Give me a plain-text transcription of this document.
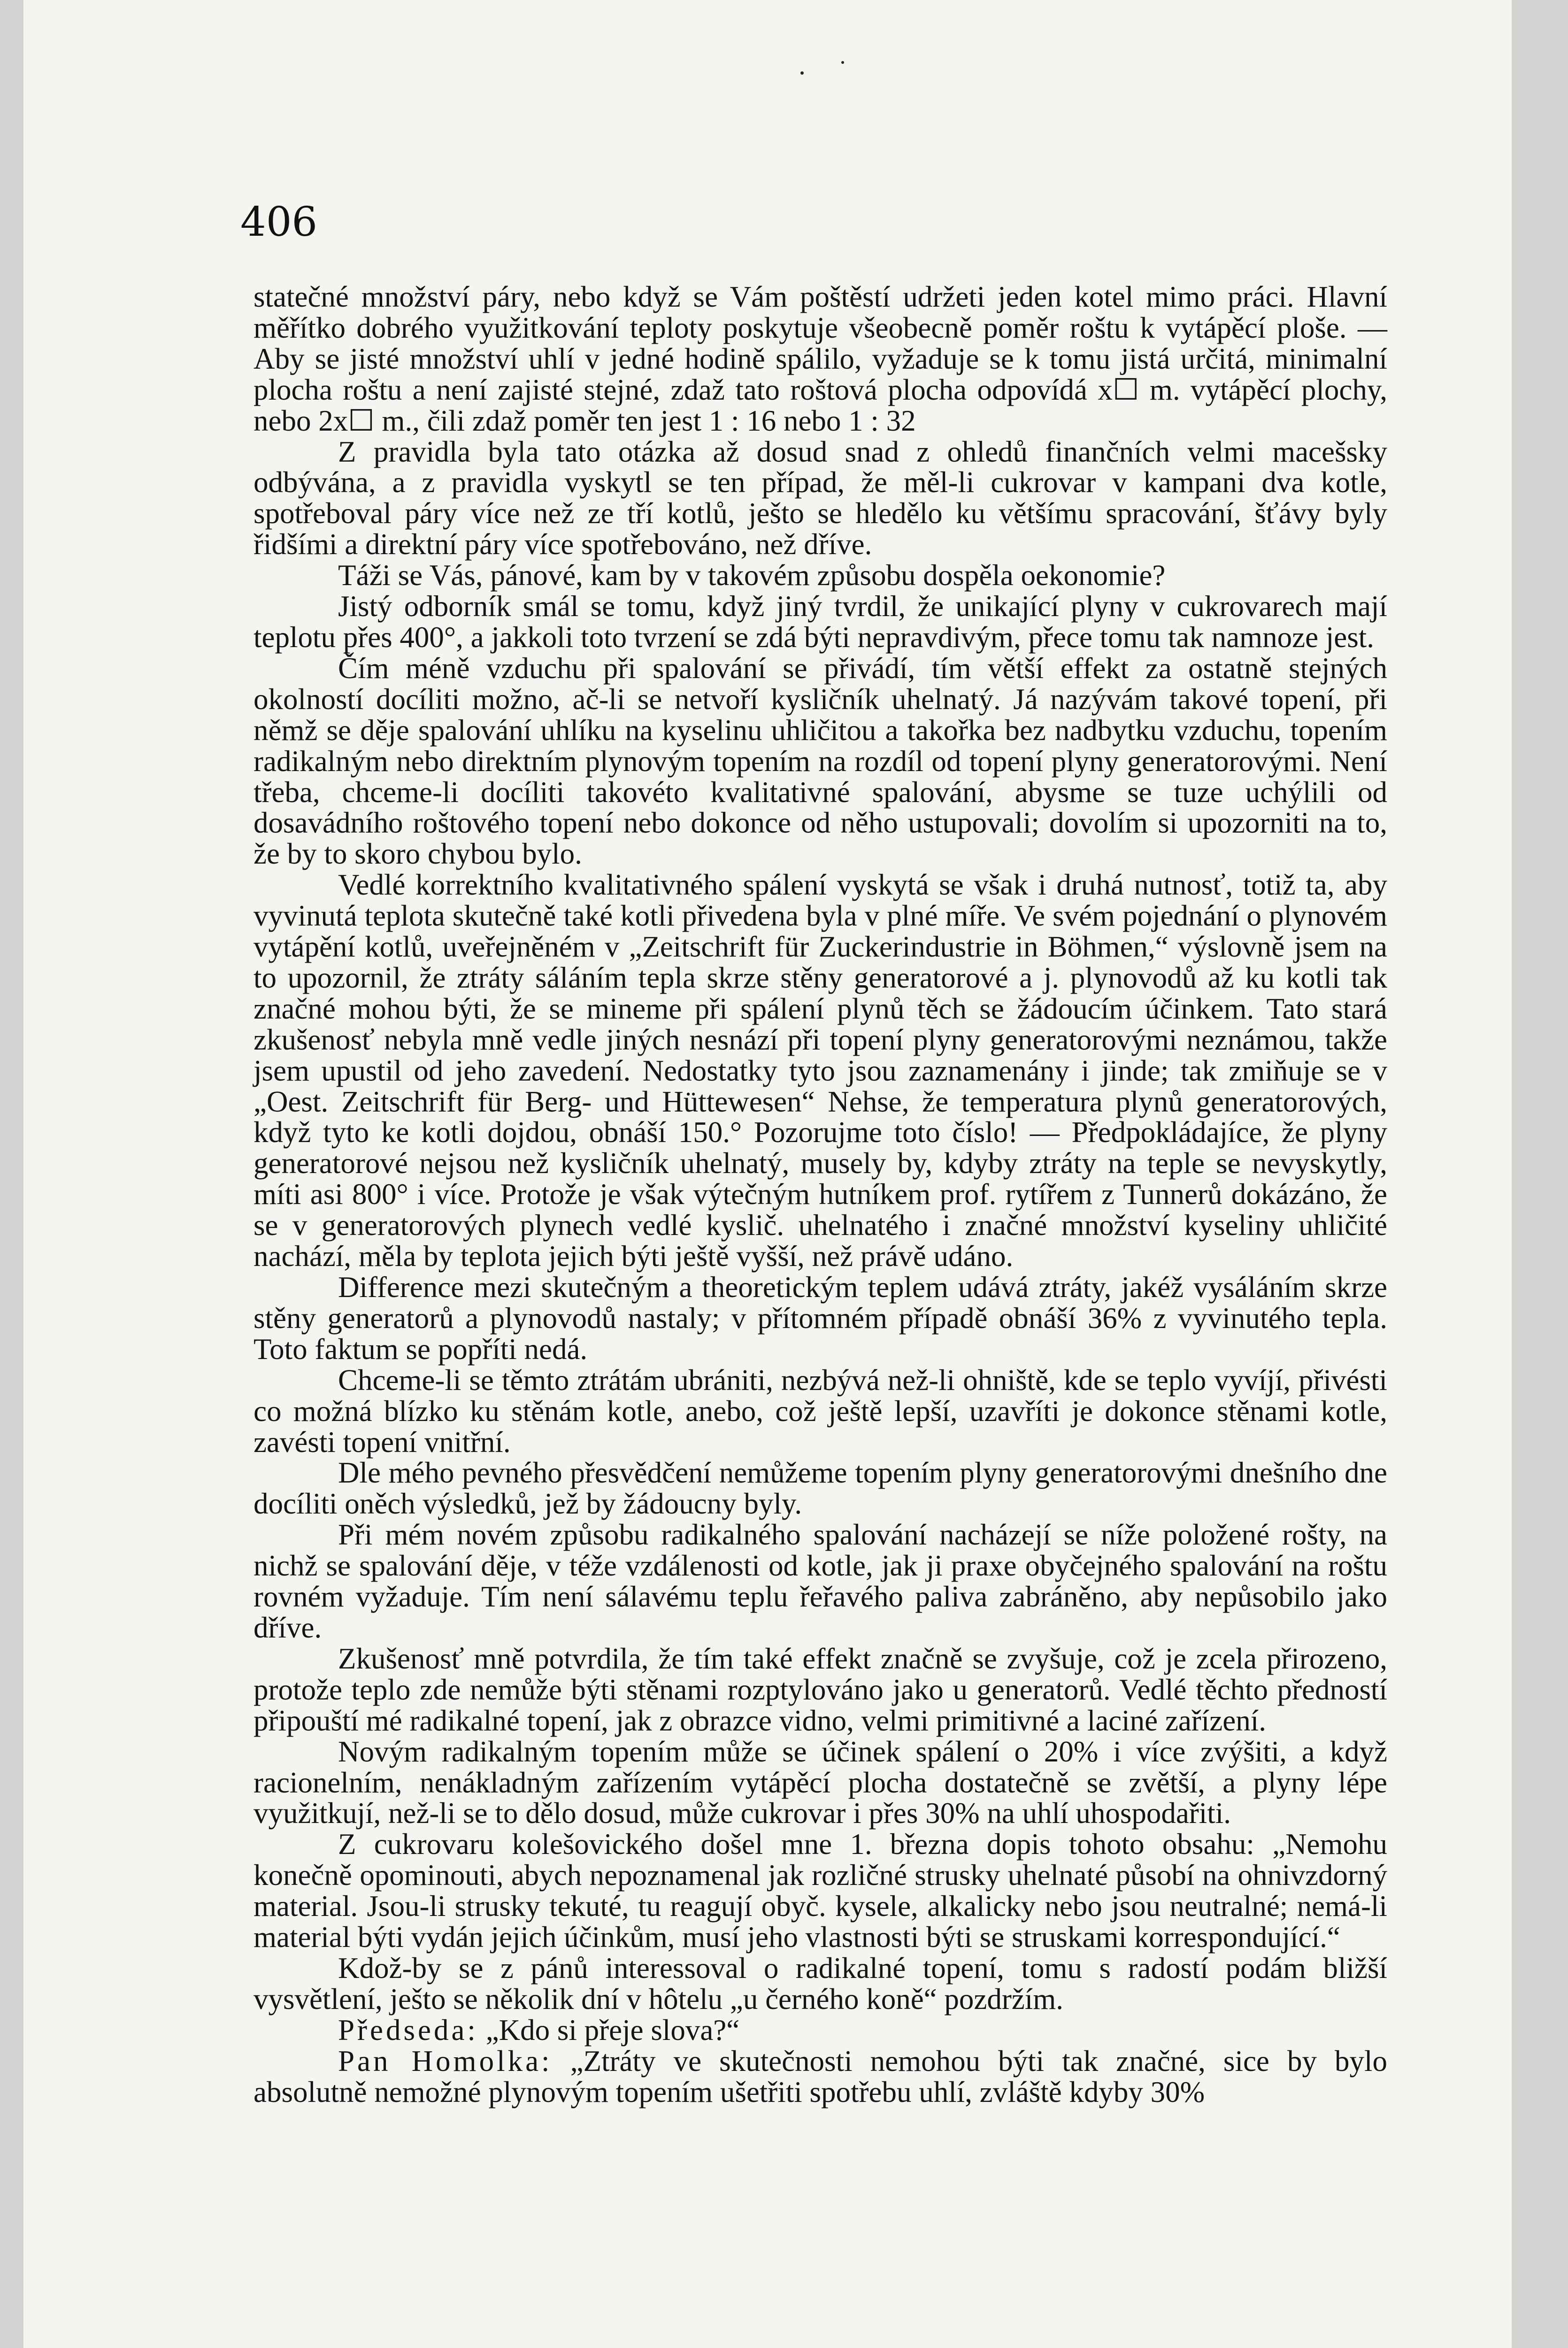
406

statečné množství páry, nebo když se Vám poštěstí udržeti jeden kotel mimo práci. Hlavní měřítko dobrého využitkování teploty poskytuje všeobecně poměr roštu k vytápěcí ploše. — Aby se jisté množství uhlí v jedné hodině spálilo, vyžaduje se k tomu jistá určitá, minimalní plocha roštu a není zajisté stejné, zdaž tato roštová plocha odpovídá x☐ m. vytápěcí plochy, nebo 2x☐ m., čili zdaž poměr ten jest 1 : 16 nebo 1 : 32

Z pravidla byla tato otázka až dosud snad z ohledů finančních velmi macešsky odbývána, a z pravidla vyskytl se ten případ, že měl-li cukrovar v kampani dva kotle, spotřeboval páry více než ze tří kotlů, ješto se hledělo ku většímu spracování, šťávy byly řidšími a direktní páry více spotřebováno, než dříve.

Táži se Vás, pánové, kam by v takovém způsobu dospěla oekonomie?

Jistý odborník smál se tomu, když jiný tvrdil, že unikající plyny v cukrovarech mají teplotu přes 400°, a jakkoli toto tvrzení se zdá býti nepravdivým, přece tomu tak namnoze jest.

Čím méně vzduchu při spalování se přivádí, tím větší effekt za ostatně stejných okolností docíliti možno, ač-li se netvoří kysličník uhelnatý. Já nazývám takové topení, při němž se děje spalování uhlíku na kyselinu uhličitou a takořka bez nadbytku vzduchu, topením radikalným nebo direktním plynovým topením na rozdíl od topení plyny generatorovými. Není třeba, chceme-li docíliti takovéto kvalitativné spalování, abysme se tuze uchýlili od dosavádního roštového topení nebo dokonce od něho ustupovali; dovolím si upozorniti na to, že by to skoro chybou bylo.

Vedlé korrektního kvalitativného spálení vyskytá se však i druhá nutnosť, totiž ta, aby vyvinutá teplota skutečně také kotli přivedena byla v plné míře. Ve svém pojednání o plynovém vytápění kotlů, uveřejněném v „Zeitschrift für Zuckerindustrie in Böhmen,“ výslovně jsem na to upozornil, že ztráty sáláním tepla skrze stěny generatorové a j. plynovodů až ku kotli tak značné mohou býti, že se mineme při spálení plynů těch se žádoucím účinkem. Tato stará zkušenosť nebyla mně vedle jiných nesnází při topení plyny generatorovými neznámou, takže jsem upustil od jeho zavedení. Nedostatky tyto jsou zaznamenány i jinde; tak zmiňuje se v „Oest. Zeitschrift für Berg- und Hüttewesen“ Nehse, že temperatura plynů generatorových, když tyto ke kotli dojdou, obnáší 150.° Pozorujme toto číslo! — Předpokládajíce, že plyny generatorové nejsou než kysličník uhelnatý, musely by, kdyby ztráty na teple se nevyskytly, míti asi 800° i více. Protože je však výtečným hutníkem prof. rytířem z Tunnerů dokázáno, že se v generatorových plynech vedlé kyslič. uhelnatého i značné množství kyseliny uhličité nachází, měla by teplota jejich býti ještě vyšší, než právě udáno.

Difference mezi skutečným a theoretickým teplem udává ztráty, jakéž vysáláním skrze stěny generatorů a plynovodů nastaly; v přítomném případě obnáší 36% z vyvinutého tepla. Toto faktum se popříti nedá.

Chceme-li se těmto ztrátám ubrániti, nezbývá než-li ohniště, kde se teplo vyvíjí, přivésti co možná blízko ku stěnám kotle, anebo, což ještě lepší, uzavříti je dokonce stěnami kotle, zavésti topení vnitřní.

Dle mého pevného přesvědčení nemůžeme topením plyny generatorovými dnešního dne docíliti oněch výsledků, jež by žádoucny byly.

Při mém novém způsobu radikalného spalování nacházejí se níže položené rošty, na nichž se spalování děje, v téže vzdálenosti od kotle, jak ji praxe obyčejného spalování na roštu rovném vyžaduje. Tím není sálavému teplu řeřavého paliva zabráněno, aby nepůsobilo jako dříve.

Zkušenosť mně potvrdila, že tím také effekt značně se zvyšuje, což je zcela přirozeno, protože teplo zde nemůže býti stěnami rozptylováno jako u generatorů. Vedlé těchto předností připouští mé radikalné topení, jak z obrazce vidno, velmi primitivné a laciné zařízení.

Novým radikalným topením může se účinek spálení o 20% i více zvýšiti, a když racionelním, nenákladným zařízením vytápěcí plocha dostatečně se zvětší, a plyny lépe využitkují, než-li se to dělo dosud, může cukrovar i přes 30% na uhlí uhospodařiti.

Z cukrovaru kolešovického došel mne 1. března dopis tohoto obsahu: „Nemohu konečně opominouti, abych nepoznamenal jak rozličné strusky uhelnaté působí na ohnivzdorný material. Jsou-li strusky tekuté, tu reagují obyč. kysele, alkalicky nebo jsou neutralné; nemá-li material býti vydán jejich účinkům, musí jeho vlastnosti býti se struskami korrespondující.“

Kdož-by se z pánů interessoval o radikalné topení, tomu s radostí podám bližší vysvětlení, ješto se několik dní v hôtelu „u černého koně“ pozdržím.

Předseda: „Kdo si přeje slova?“

Pan Homolka: „Ztráty ve skutečnosti nemohou býti tak značné, sice by bylo absolutně nemožné plynovým topením ušetřiti spotřebu uhlí, zvláště kdyby 30%
